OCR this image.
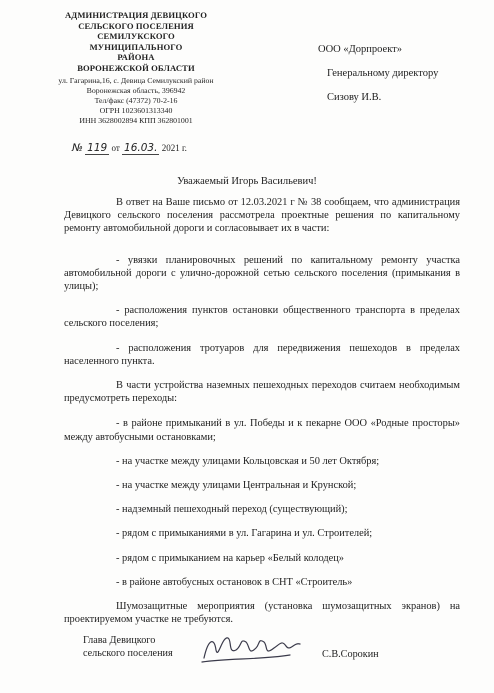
АДМИНИСТРАЦИЯ ДЕВИЦКОГО
СЕЛЬСКОГО ПОСЕЛЕНИЯ
СЕМИЛУКСКОГО МУНИЦИПАЛЬНОГО
РАЙОНА
ВОРОНЕЖСКОЙ ОБЛАСТИ
ул. Гагарина,16, с. Девица Семилукский район
Воронежская область, 396942
Тел/факс (47372) 70-2-16
ОГРН 1023601313340
ИНН 3628002894 КПП 362801001
ООО «Дорпроект»
Генеральному директору
Сизову И.В.
№ 119 от 16.03. 2021 г.
Уважаемый Игорь Васильевич!

В ответ на Ваше письмо от 12.03.2021 г № 38 сообщаем, что администрация Девицкого сельского поселения рассмотрела проектные решения по капитальному ремонту автомобильной дороги и согласовывает их в части:

- увязки планировочных решений по капитальному ремонту участка автомобильной дороги с улично-дорожной сетью сельского поселения (примыкания в улицы);

- расположения пунктов остановки общественного транспорта в пределах сельского поселения;

- расположения тротуаров для передвижения пешеходов в пределах населенного пункта.

В части устройства наземных пешеходных переходов считаем необходимым предусмотреть переходы:

- в районе примыканий в ул. Победы и к пекарне ООО «Родные просторы» между автобусными остановками;

- на участке между улицами Кольцовская и 50 лет Октября;

- на участке между улицами Центральная и Крунской;

- надземный пешеходный переход (существующий);

- рядом с примыканиями в ул. Гагарина и ул. Строителей;

- рядом с примыканием на карьер «Белый колодец»

- в районе автобусных остановок в СНТ «Строитель»

Шумозащитные мероприятия (установка шумозащитных экранов) на проектируемом участке не требуются.

Глава Девицкого
сельского поселения	С.В.Сорокин
